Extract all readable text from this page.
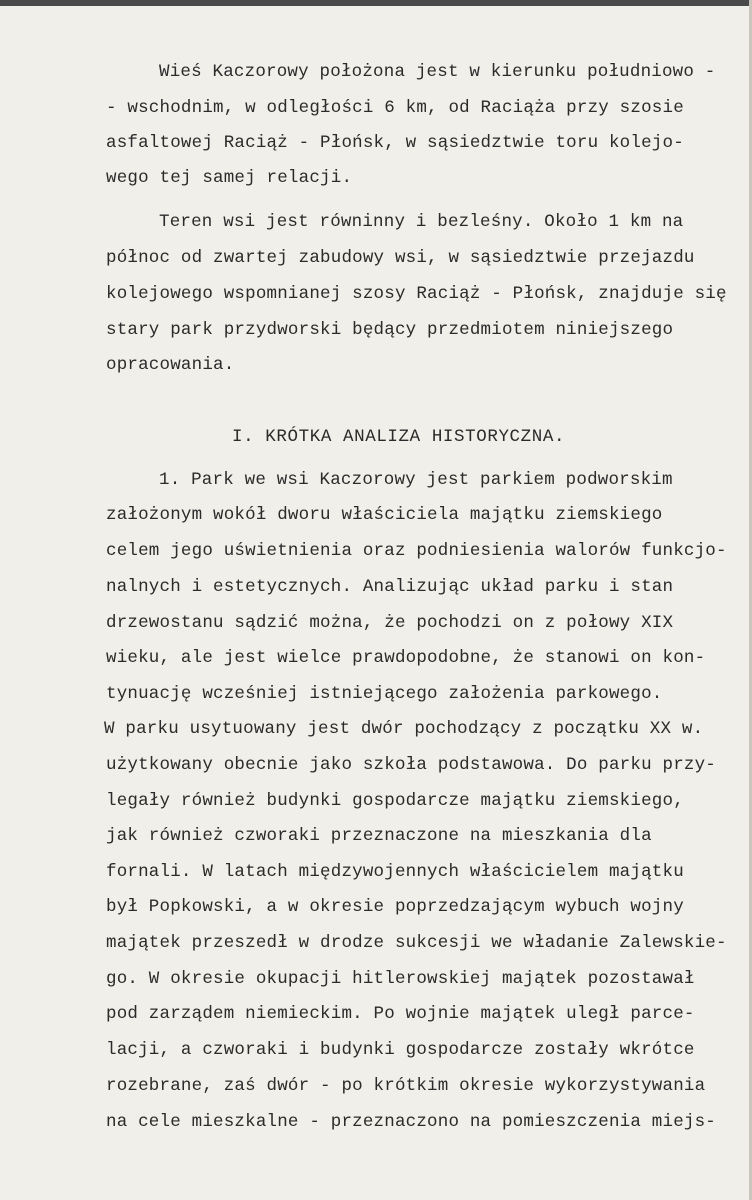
Wieś Kaczorowy położona jest w kierunku południowo -
- wschodnim, w odległości 6 km, od Raciąża przy szosie
asfaltowej Raciąż - Płońsk, w sąsiedztwie toru kolejo-
wego tej samej relacji.
Teren wsi jest równinny i bezleśny. Około 1 km na
północ od zwartej zabudowy wsi, w sąsiedztwie przejazdu
kolejowego wspomnianej szosy Raciąż - Płońsk, znajduje się
stary park przydworski będący przedmiotem niniejszego
opracowania.
I. KRÓTKA ANALIZA HISTORYCZNA.
1. Park we wsi Kaczorowy jest parkiem podworskim
założonym wokół dworu właściciela majątku ziemskiego
celem jego uświetnienia oraz podniesienia walorów funkcjo-
nalnych i estetycznych. Analizując układ parku i stan
drzewostanu sądzić można, że pochodzi on z połowy XIX
wieku, ale jest wielce prawdopodobne, że stanowi on kon-
tynuację wcześniej istniejącego założenia parkowego.
W parku usytuowany jest dwór pochodzący z początku XX w.
użytkowany obecnie jako szkoła podstawowa. Do parku przy-
legały również budynki gospodarcze majątku ziemskiego,
jak również czworaki przeznaczone na mieszkania dla
fornali. W latach międzywojennych właścicielem majątku
był Popkowski, a w okresie poprzedzającym wybuch wojny
majątek przeszedł w drodze sukcesji we władanie Zalewskie-
go. W okresie okupacji hitlerowskiej majątek pozostawał
pod zarządem niemieckim. Po wojnie majątek uległ parce-
lacji, a czworaki i budynki gospodarcze zostały wkrótce
rozebrane, zaś dwór - po krótkim okresie wykorzystywania
na cele mieszkalne - przeznaczono na pomieszczenia miejs-
